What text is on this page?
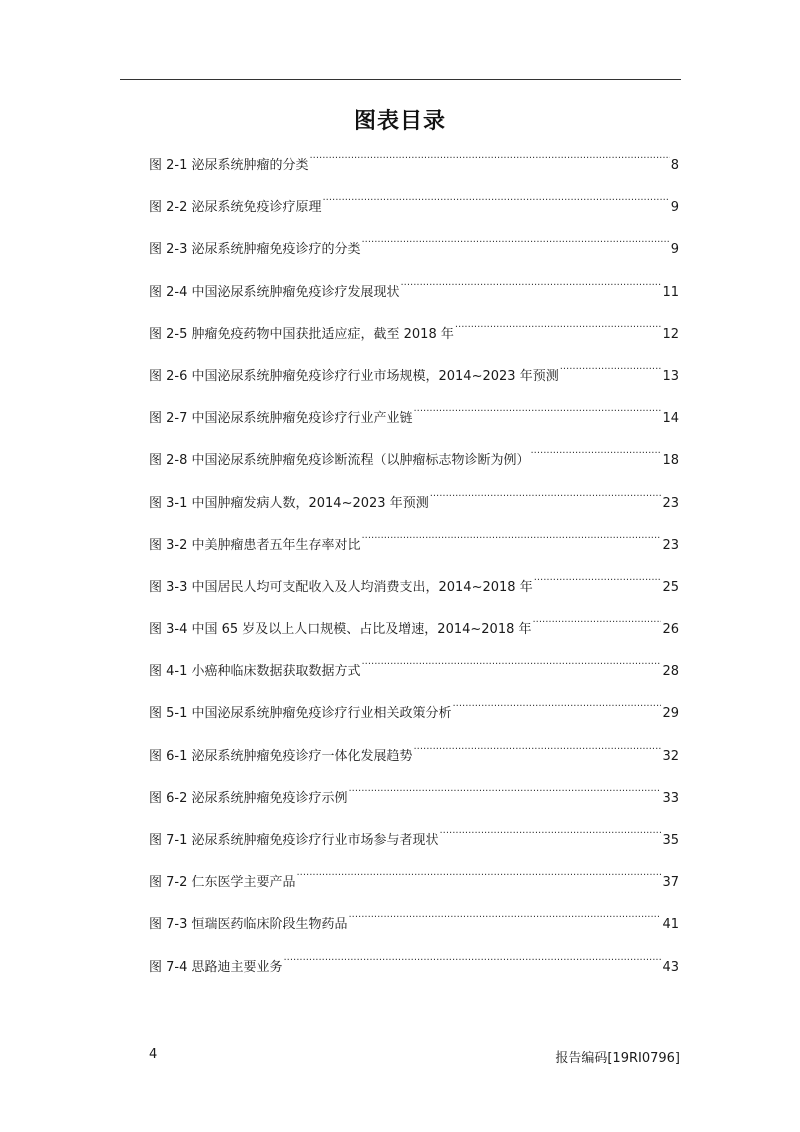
图表目录
图 2-1 泌尿系统肿瘤的分类 .....	8
图 2-2 泌尿系统免疫诊疗原理 .....	9
图 2-3 泌尿系统肿瘤免疫诊疗的分类 .....	9
图 2-4 中国泌尿系统肿瘤免疫诊疗发展现状 .....	11
图 2-5 肿瘤免疫药物中国获批适应症，截至 2018 年 .....	12
图 2-6 中国泌尿系统肿瘤免疫诊疗行业市场规模，2014~2023 年预测 .....	13
图 2-7 中国泌尿系统肿瘤免疫诊疗行业产业链 .....	14
图 2-8 中国泌尿系统肿瘤免疫诊断流程（以肿瘤标志物诊断为例） .....	18
图 3-1 中国肿瘤发病人数，2014~2023 年预测 .....	23
图 3-2 中美肿瘤患者五年生存率对比 .....	23
图 3-3 中国居民人均可支配收入及人均消费支出，2014~2018 年 .....	25
图 3-4 中国 65 岁及以上人口规模、占比及增速，2014~2018 年 .....	26
图 4-1 小癌种临床数据获取数据方式 .....	28
图 5-1 中国泌尿系统肿瘤免疫诊疗行业相关政策分析 .....	29
图 6-1 泌尿系统肿瘤免疫诊疗一体化发展趋势 .....	32
图 6-2 泌尿系统肿瘤免疫诊疗示例 .....	33
图 7-1 泌尿系统肿瘤免疫诊疗行业市场参与者现状 .....	35
图 7-2 仁东医学主要产品 .....	37
图 7-3 恒瑞医药临床阶段生物药品 .....	41
图 7-4 思路迪主要业务 .....	43
4	报告编码[19RI0796]
